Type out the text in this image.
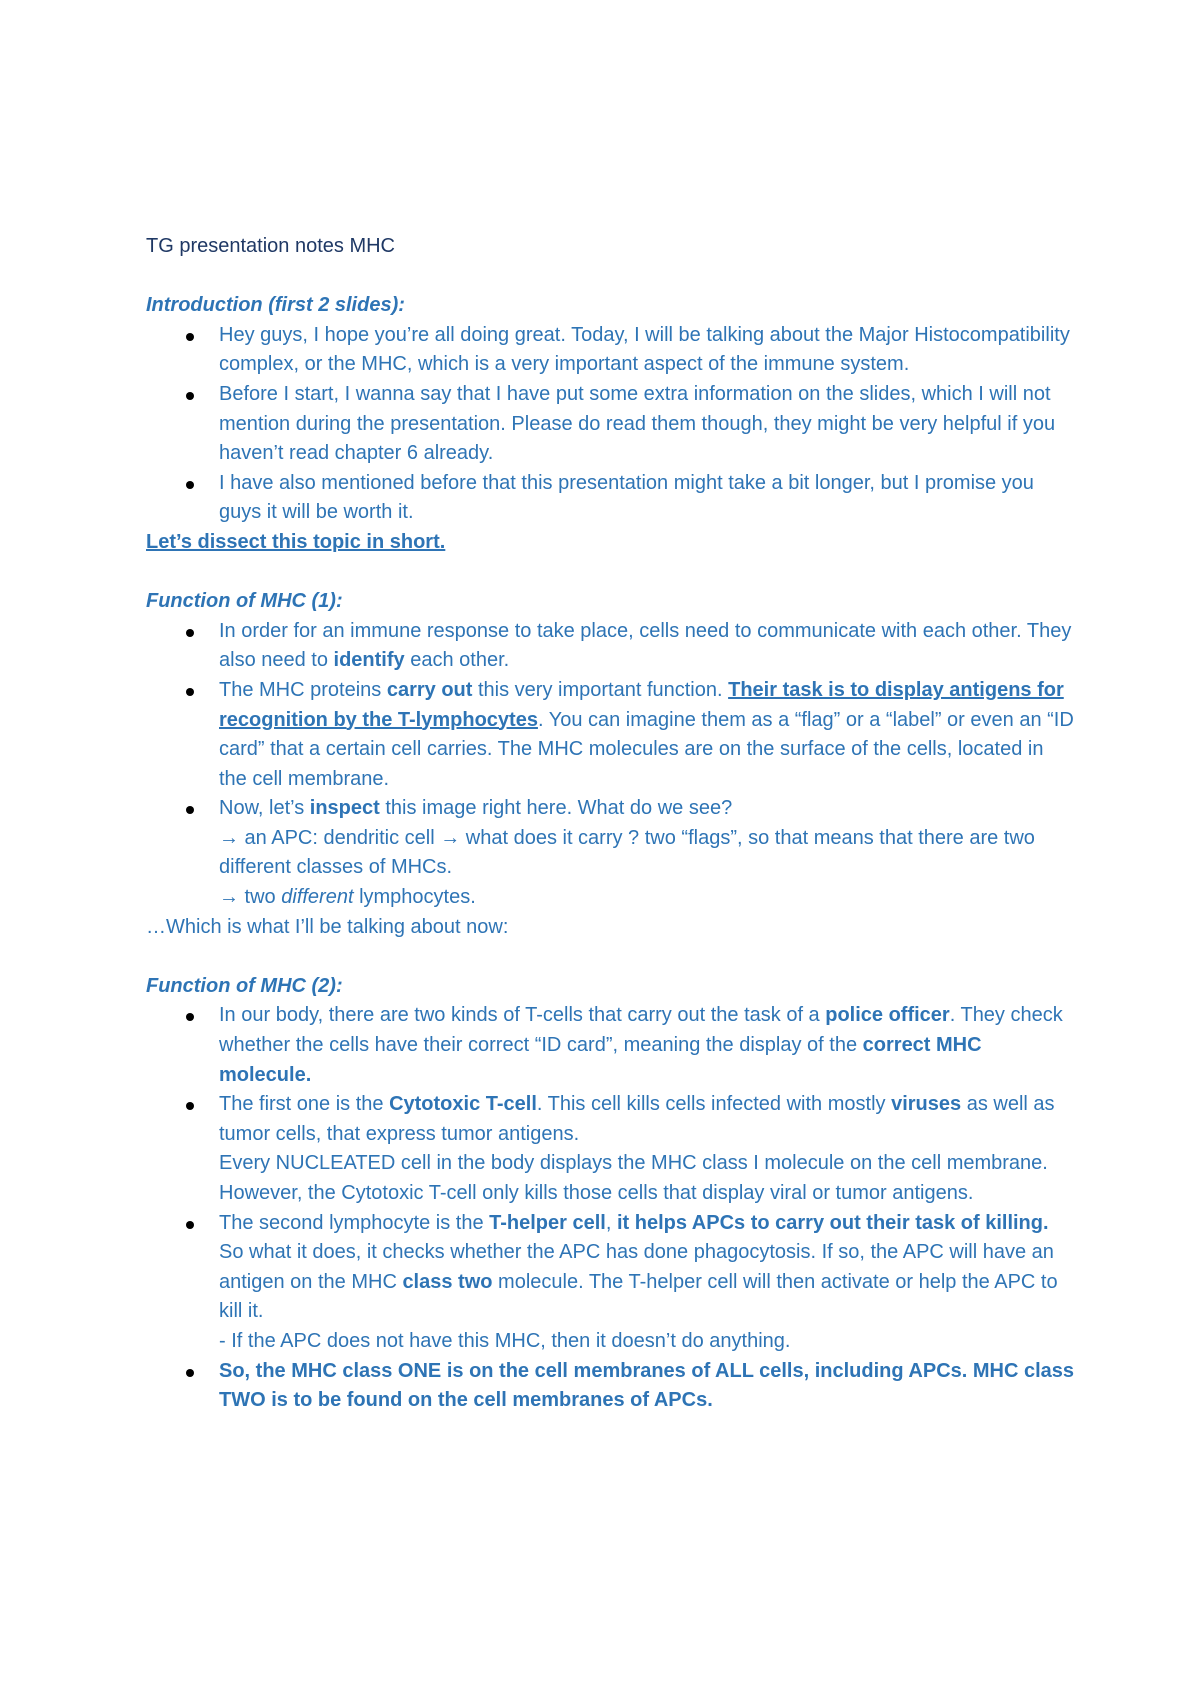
TG presentation notes MHC
Introduction (first 2 slides):
Hey guys, I hope you’re all doing great. Today, I will be talking about the Major Histocompatibility complex, or the MHC, which is a very important aspect of the immune system.
Before I start, I wanna say that I have put some extra information on the slides, which I will not mention during the presentation. Please do read them though, they might be very helpful if you haven’t read chapter 6 already.
I have also mentioned before that this presentation might take a bit longer, but I promise you guys it will be worth it.
Let’s dissect this topic in short.
Function of MHC (1):
In order for an immune response to take place, cells need to communicate with each other. They also need to identify each other.
The MHC proteins carry out this very important function. Their task is to display antigens for recognition by the T-lymphocytes. You can imagine them as a “flag” or a “label” or even an “ID card” that a certain cell carries. The MHC molecules are on the surface of the cells, located in the cell membrane.
Now, let’s inspect this image right here. What do we see?
→ an APC: dendritic cell → what does it carry ? two “flags”, so that means that there are two different classes of MHCs.
→ two different lymphocytes.
…Which is what I’ll be talking about now:
Function of MHC (2):
In our body, there are two kinds of T-cells that carry out the task of a police officer. They check whether the cells have their correct “ID card”, meaning the display of the correct MHC molecule.
The first one is the Cytotoxic T-cell. This cell kills cells infected with mostly viruses as well as tumor cells, that express tumor antigens.
Every NUCLEATED cell in the body displays the MHC class I molecule on the cell membrane. However, the Cytotoxic T-cell only kills those cells that display viral or tumor antigens.
The second lymphocyte is the T-helper cell, it helps APCs to carry out their task of killing. So what it does, it checks whether the APC has done phagocytosis. If so, the APC will have an antigen on the MHC class two molecule. The T-helper cell will then activate or help the APC to kill it.
- If the APC does not have this MHC, then it doesn’t do anything.
So, the MHC class ONE is on the cell membranes of ALL cells, including APCs. MHC class TWO is to be found on the cell membranes of APCs.
